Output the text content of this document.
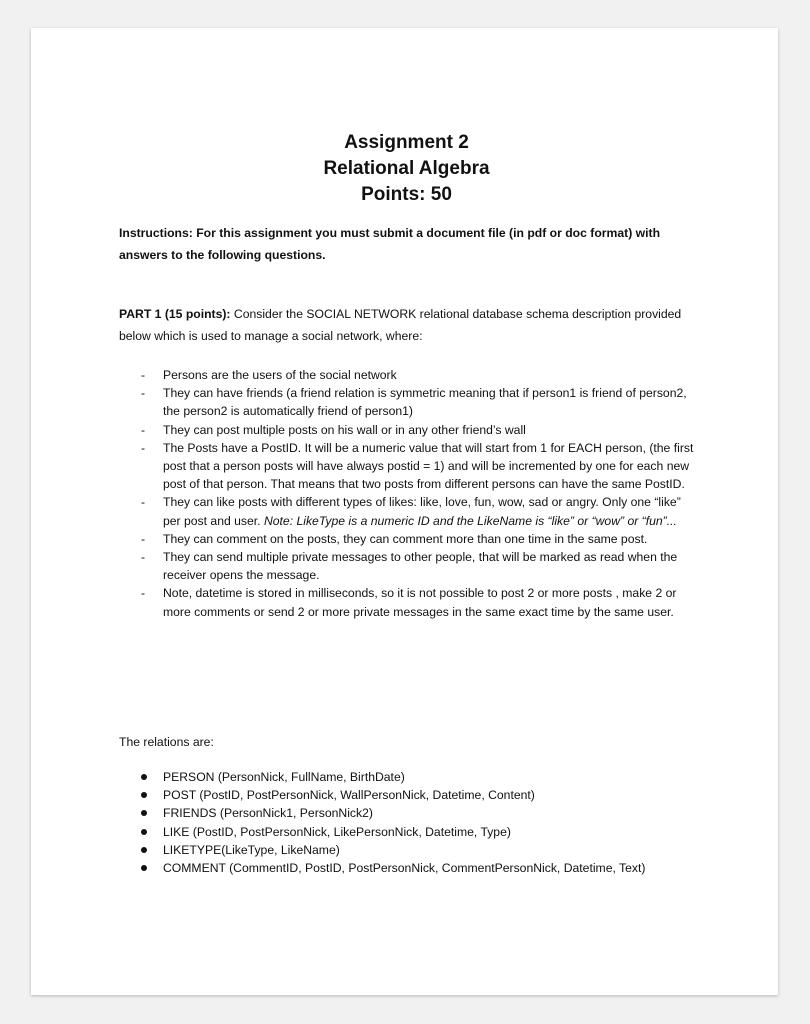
Assignment 2
Relational Algebra
Points: 50
Instructions: For this assignment you must submit a document file (in pdf or doc format) with answers to the following questions.
PART 1 (15 points): Consider the SOCIAL NETWORK relational database schema description provided below which is used to manage a social network, where:
- Persons are the users of the social network
- They can have friends (a friend relation is symmetric meaning that if person1 is friend of person2, the person2 is automatically friend of person1)
- They can post multiple posts on his wall or in any other friend’s wall
- The Posts have a PostID. It will be a numeric value that will start from 1 for EACH person, (the first post that a person posts will have always postid = 1) and will be incremented by one for each new post of that person. That means that two posts from different persons can have the same PostID.
- They can like posts with different types of likes: like, love, fun, wow, sad or angry. Only one “like” per post and user. Note: LikeType is a numeric ID and the LikeName is “like” or “wow” or “fun”...
- They can comment on the posts, they can comment more than one time in the same post.
- They can send multiple private messages to other people, that will be marked as read when the receiver opens the message.
- Note, datetime is stored in milliseconds, so it is not possible to post 2 or more posts , make 2 or more comments or send 2 or more private messages in the same exact time by the same user.
The relations are:
PERSON (PersonNick, FullName, BirthDate)
POST (PostID, PostPersonNick, WallPersonNick, Datetime, Content)
FRIENDS (PersonNick1, PersonNick2)
LIKE (PostID, PostPersonNick, LikePersonNick, Datetime, Type)
LIKETYPE(LikeType, LikeName)
COMMENT (CommentID, PostID, PostPersonNick, CommentPersonNick, Datetime, Text)
